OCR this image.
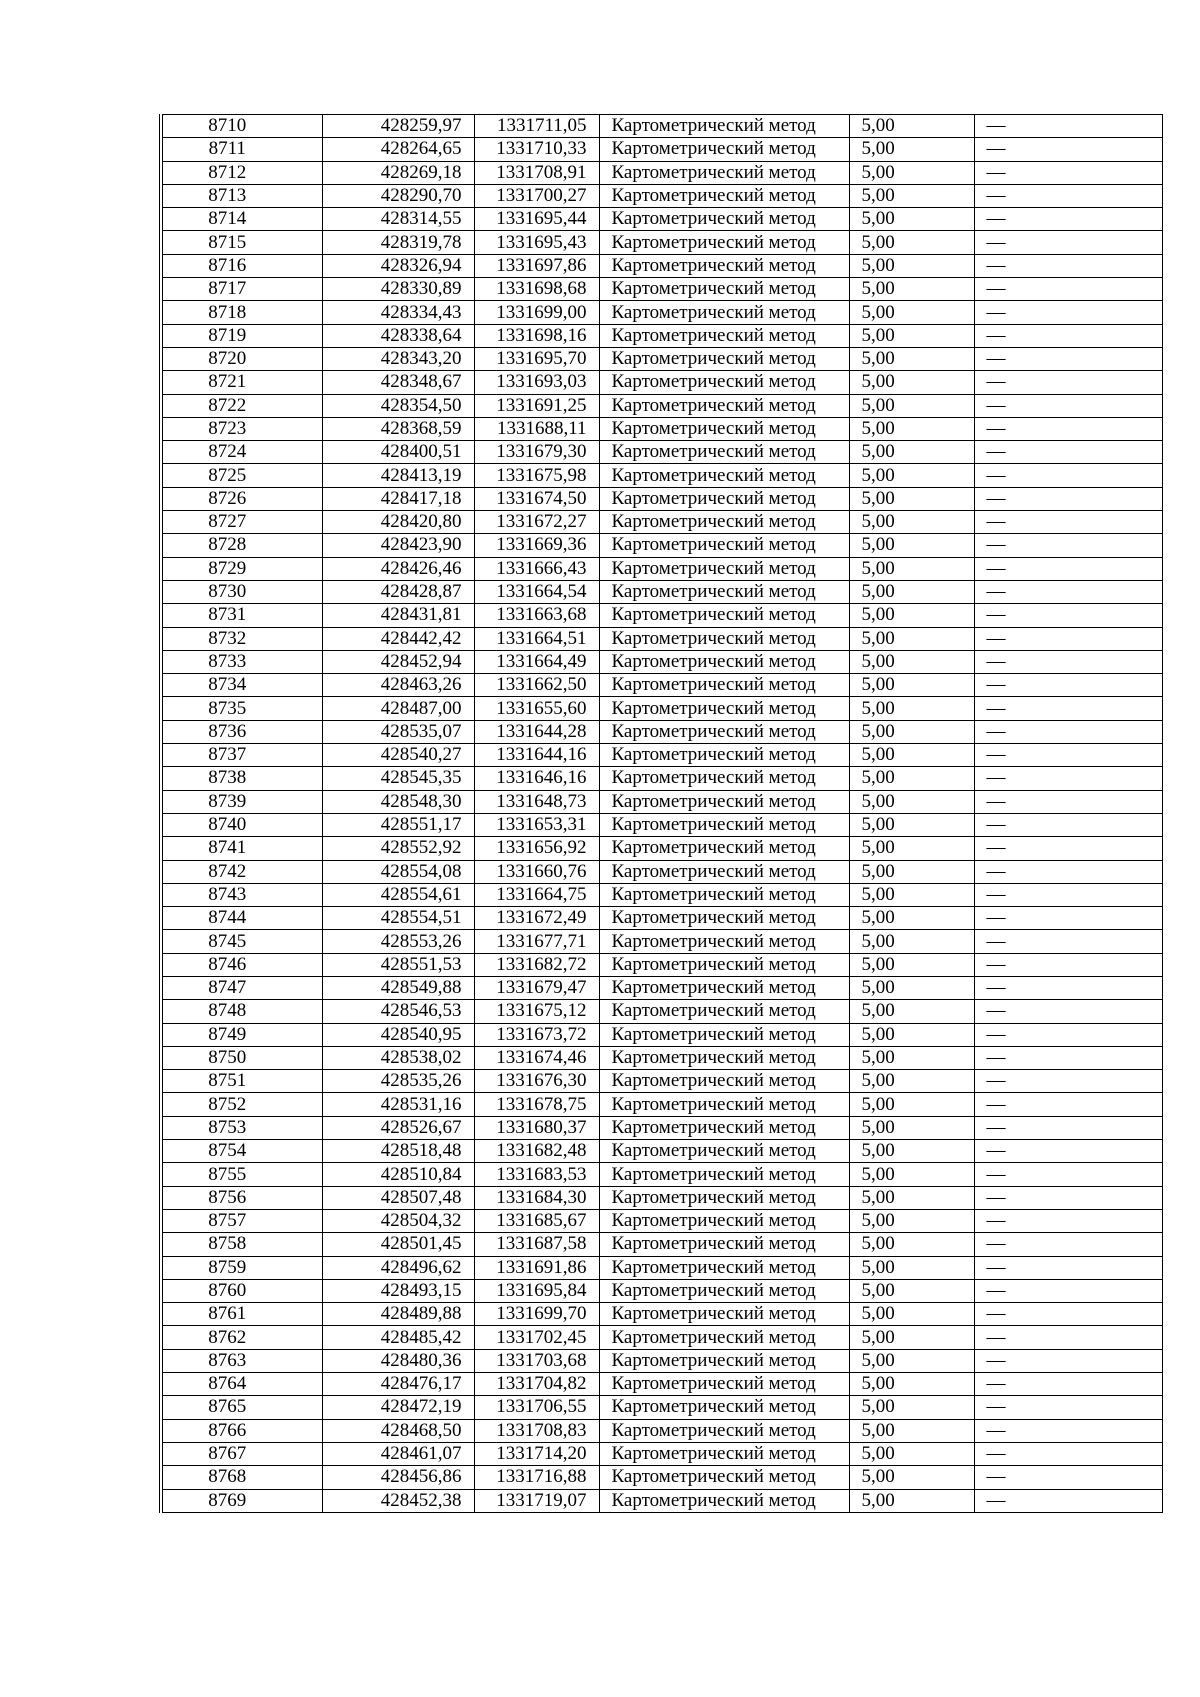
8710	428259,97	1331711,05	Картометрический метод	5,00	—
8711	428264,65	1331710,33	Картометрический метод	5,00	—
8712	428269,18	1331708,91	Картометрический метод	5,00	—
8713	428290,70	1331700,27	Картометрический метод	5,00	—
8714	428314,55	1331695,44	Картометрический метод	5,00	—
8715	428319,78	1331695,43	Картометрический метод	5,00	—
8716	428326,94	1331697,86	Картометрический метод	5,00	—
8717	428330,89	1331698,68	Картометрический метод	5,00	—
8718	428334,43	1331699,00	Картометрический метод	5,00	—
8719	428338,64	1331698,16	Картометрический метод	5,00	—
8720	428343,20	1331695,70	Картометрический метод	5,00	—
8721	428348,67	1331693,03	Картометрический метод	5,00	—
8722	428354,50	1331691,25	Картометрический метод	5,00	—
8723	428368,59	1331688,11	Картометрический метод	5,00	—
8724	428400,51	1331679,30	Картометрический метод	5,00	—
8725	428413,19	1331675,98	Картометрический метод	5,00	—
8726	428417,18	1331674,50	Картометрический метод	5,00	—
8727	428420,80	1331672,27	Картометрический метод	5,00	—
8728	428423,90	1331669,36	Картометрический метод	5,00	—
8729	428426,46	1331666,43	Картометрический метод	5,00	—
8730	428428,87	1331664,54	Картометрический метод	5,00	—
8731	428431,81	1331663,68	Картометрический метод	5,00	—
8732	428442,42	1331664,51	Картометрический метод	5,00	—
8733	428452,94	1331664,49	Картометрический метод	5,00	—
8734	428463,26	1331662,50	Картометрический метод	5,00	—
8735	428487,00	1331655,60	Картометрический метод	5,00	—
8736	428535,07	1331644,28	Картометрический метод	5,00	—
8737	428540,27	1331644,16	Картометрический метод	5,00	—
8738	428545,35	1331646,16	Картометрический метод	5,00	—
8739	428548,30	1331648,73	Картометрический метод	5,00	—
8740	428551,17	1331653,31	Картометрический метод	5,00	—
8741	428552,92	1331656,92	Картометрический метод	5,00	—
8742	428554,08	1331660,76	Картометрический метод	5,00	—
8743	428554,61	1331664,75	Картометрический метод	5,00	—
8744	428554,51	1331672,49	Картометрический метод	5,00	—
8745	428553,26	1331677,71	Картометрический метод	5,00	—
8746	428551,53	1331682,72	Картометрический метод	5,00	—
8747	428549,88	1331679,47	Картометрический метод	5,00	—
8748	428546,53	1331675,12	Картометрический метод	5,00	—
8749	428540,95	1331673,72	Картометрический метод	5,00	—
8750	428538,02	1331674,46	Картометрический метод	5,00	—
8751	428535,26	1331676,30	Картометрический метод	5,00	—
8752	428531,16	1331678,75	Картометрический метод	5,00	—
8753	428526,67	1331680,37	Картометрический метод	5,00	—
8754	428518,48	1331682,48	Картометрический метод	5,00	—
8755	428510,84	1331683,53	Картометрический метод	5,00	—
8756	428507,48	1331684,30	Картометрический метод	5,00	—
8757	428504,32	1331685,67	Картометрический метод	5,00	—
8758	428501,45	1331687,58	Картометрический метод	5,00	—
8759	428496,62	1331691,86	Картометрический метод	5,00	—
8760	428493,15	1331695,84	Картометрический метод	5,00	—
8761	428489,88	1331699,70	Картометрический метод	5,00	—
8762	428485,42	1331702,45	Картометрический метод	5,00	—
8763	428480,36	1331703,68	Картометрический метод	5,00	—
8764	428476,17	1331704,82	Картометрический метод	5,00	—
8765	428472,19	1331706,55	Картометрический метод	5,00	—
8766	428468,50	1331708,83	Картометрический метод	5,00	—
8767	428461,07	1331714,20	Картометрический метод	5,00	—
8768	428456,86	1331716,88	Картометрический метод	5,00	—
8769	428452,38	1331719,07	Картометрический метод	5,00	—
